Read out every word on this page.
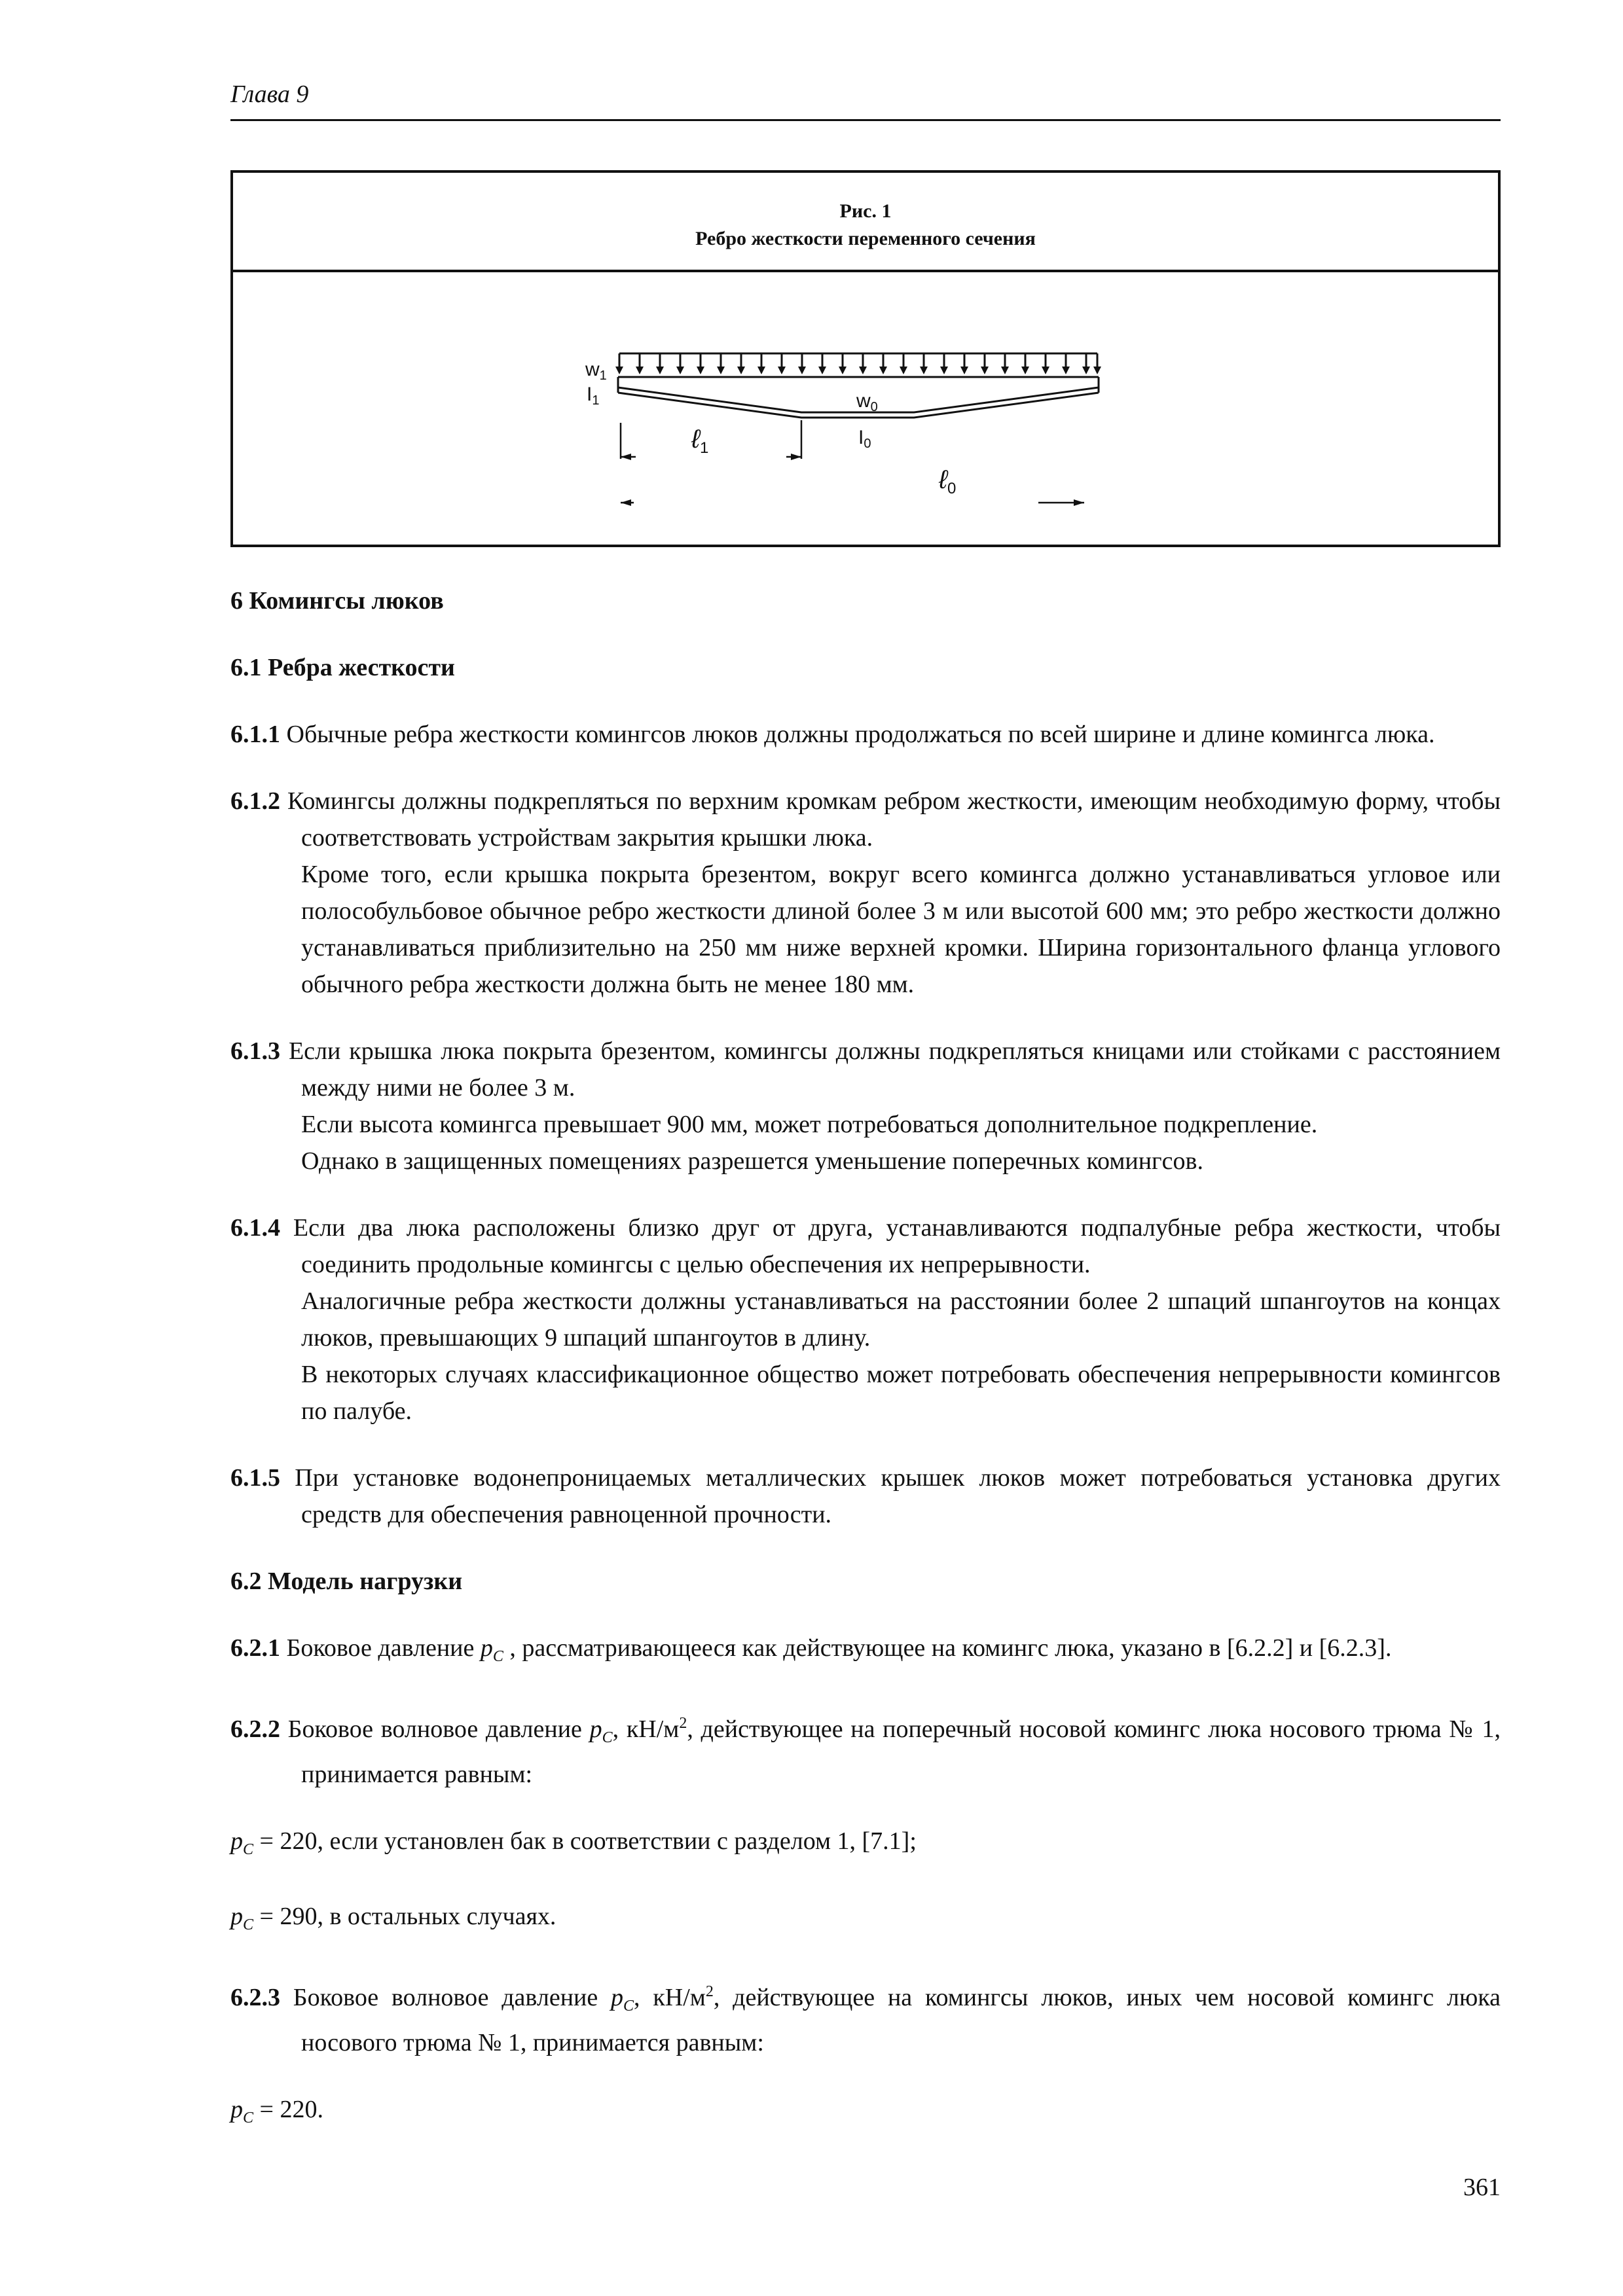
Глава 9
Рис. 1
Ребро жесткости переменного сечения
$w_1$
$I_1$	$w_0$
$I_0$
ℓ$_1$
ℓ$_0$

6 Комингсы люков

6.1 Ребра жесткости

6.1.1 Обычные ребра жесткости комингсов люков должны продолжаться по всей ширине и длине комингса люка.

6.1.2 Комингсы должны подкрепляться по верхним кромкам ребром жесткости, имеющим необходимую форму, чтобы соответствовать устройствам закрытия крышки люка.

Кроме того, если крышка покрыта брезентом, вокруг всего комингса должно устанавливаться угловое или полособульбовое обычное ребро жесткости длиной более 3 м или высотой 600 мм; это ребро жесткости должно устанавливаться приблизительно на 250 мм ниже верхней кромки. Ширина горизонтального фланца углового обычного ребра жесткости должна быть не менее 180 мм.

6.1.3 Если крышка люка покрыта брезентом, комингсы должны подкрепляться кницами или стойками с расстоянием между ними не более 3 м.

Если высота комингса превышает 900 мм, может потребоваться дополнительное подкрепление.

Однако в защищенных помещениях разрешется уменьшение поперечных комингсов.

6.1.4 Если два люка расположены близко друг от друга, устанавливаются подпалубные ребра жесткости, чтобы соединить продольные комингсы с целью обеспечения их непрерывности.

Аналогичные ребра жесткости должны устанавливаться на расстоянии более 2 шпаций шпангоутов на концах люков, превышающих 9 шпаций шпангоутов в длину.

В некоторых случаях классификационное общество может потребовать обеспечения непрерывности комингсов по палубе.

6.1.5 При установке водонепроницаемых металлических крышек люков может потребоваться установка других средств для обеспечения равноценной прочности.

6.2 Модель нагрузки

6.2.1 Боковое давление $p_C$ , рассматривающееся как действующее на комингс люка, указано в [6.2.2] и [6.2.3].

6.2.2 Боковое волновое давление $p_C$, $кН/м^2$, действующее на поперечный носовой комингс люка носового трюма № 1, принимается равным:

$p_C = 220$, если установлен бак в соответствии с разделом 1, [7.1];

$p_C = 290$, в остальных случаях.

6.2.3 Боковое волновое давление $p_C$, $кН/м^2$, действующее на комингсы люков, иных чем носовой комингс люка носового трюма № 1, принимается равным:

$p_C = 220$.

361
